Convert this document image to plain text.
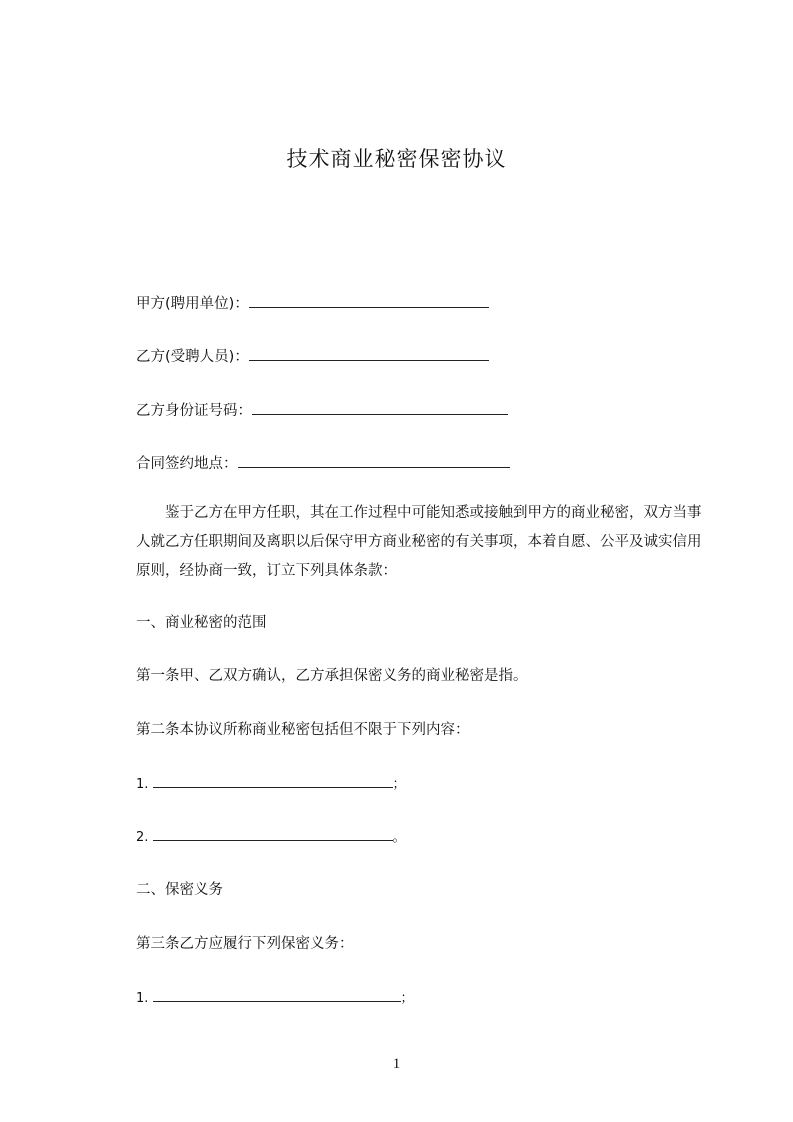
技术商业秘密保密协议
甲方(聘用单位)：
乙方(受聘人员)：
乙方身份证号码：
合同签约地点：

鉴于乙方在甲方任职，其在工作过程中可能知悉或接触到甲方的商业秘密，双方当事人就乙方任职期间及离职以后保守甲方商业秘密的有关事项，本着自愿、公平及诚实信用原则，经协商一致，订立下列具体条款：

一、商业秘密的范围
第一条甲、乙双方确认，乙方承担保密义务的商业秘密是指。
第二条本协议所称商业秘密包括但不限于下列内容：
1.	；
2.	。
二、保密义务
第三条乙方应履行下列保密义务：
1.	；
1
